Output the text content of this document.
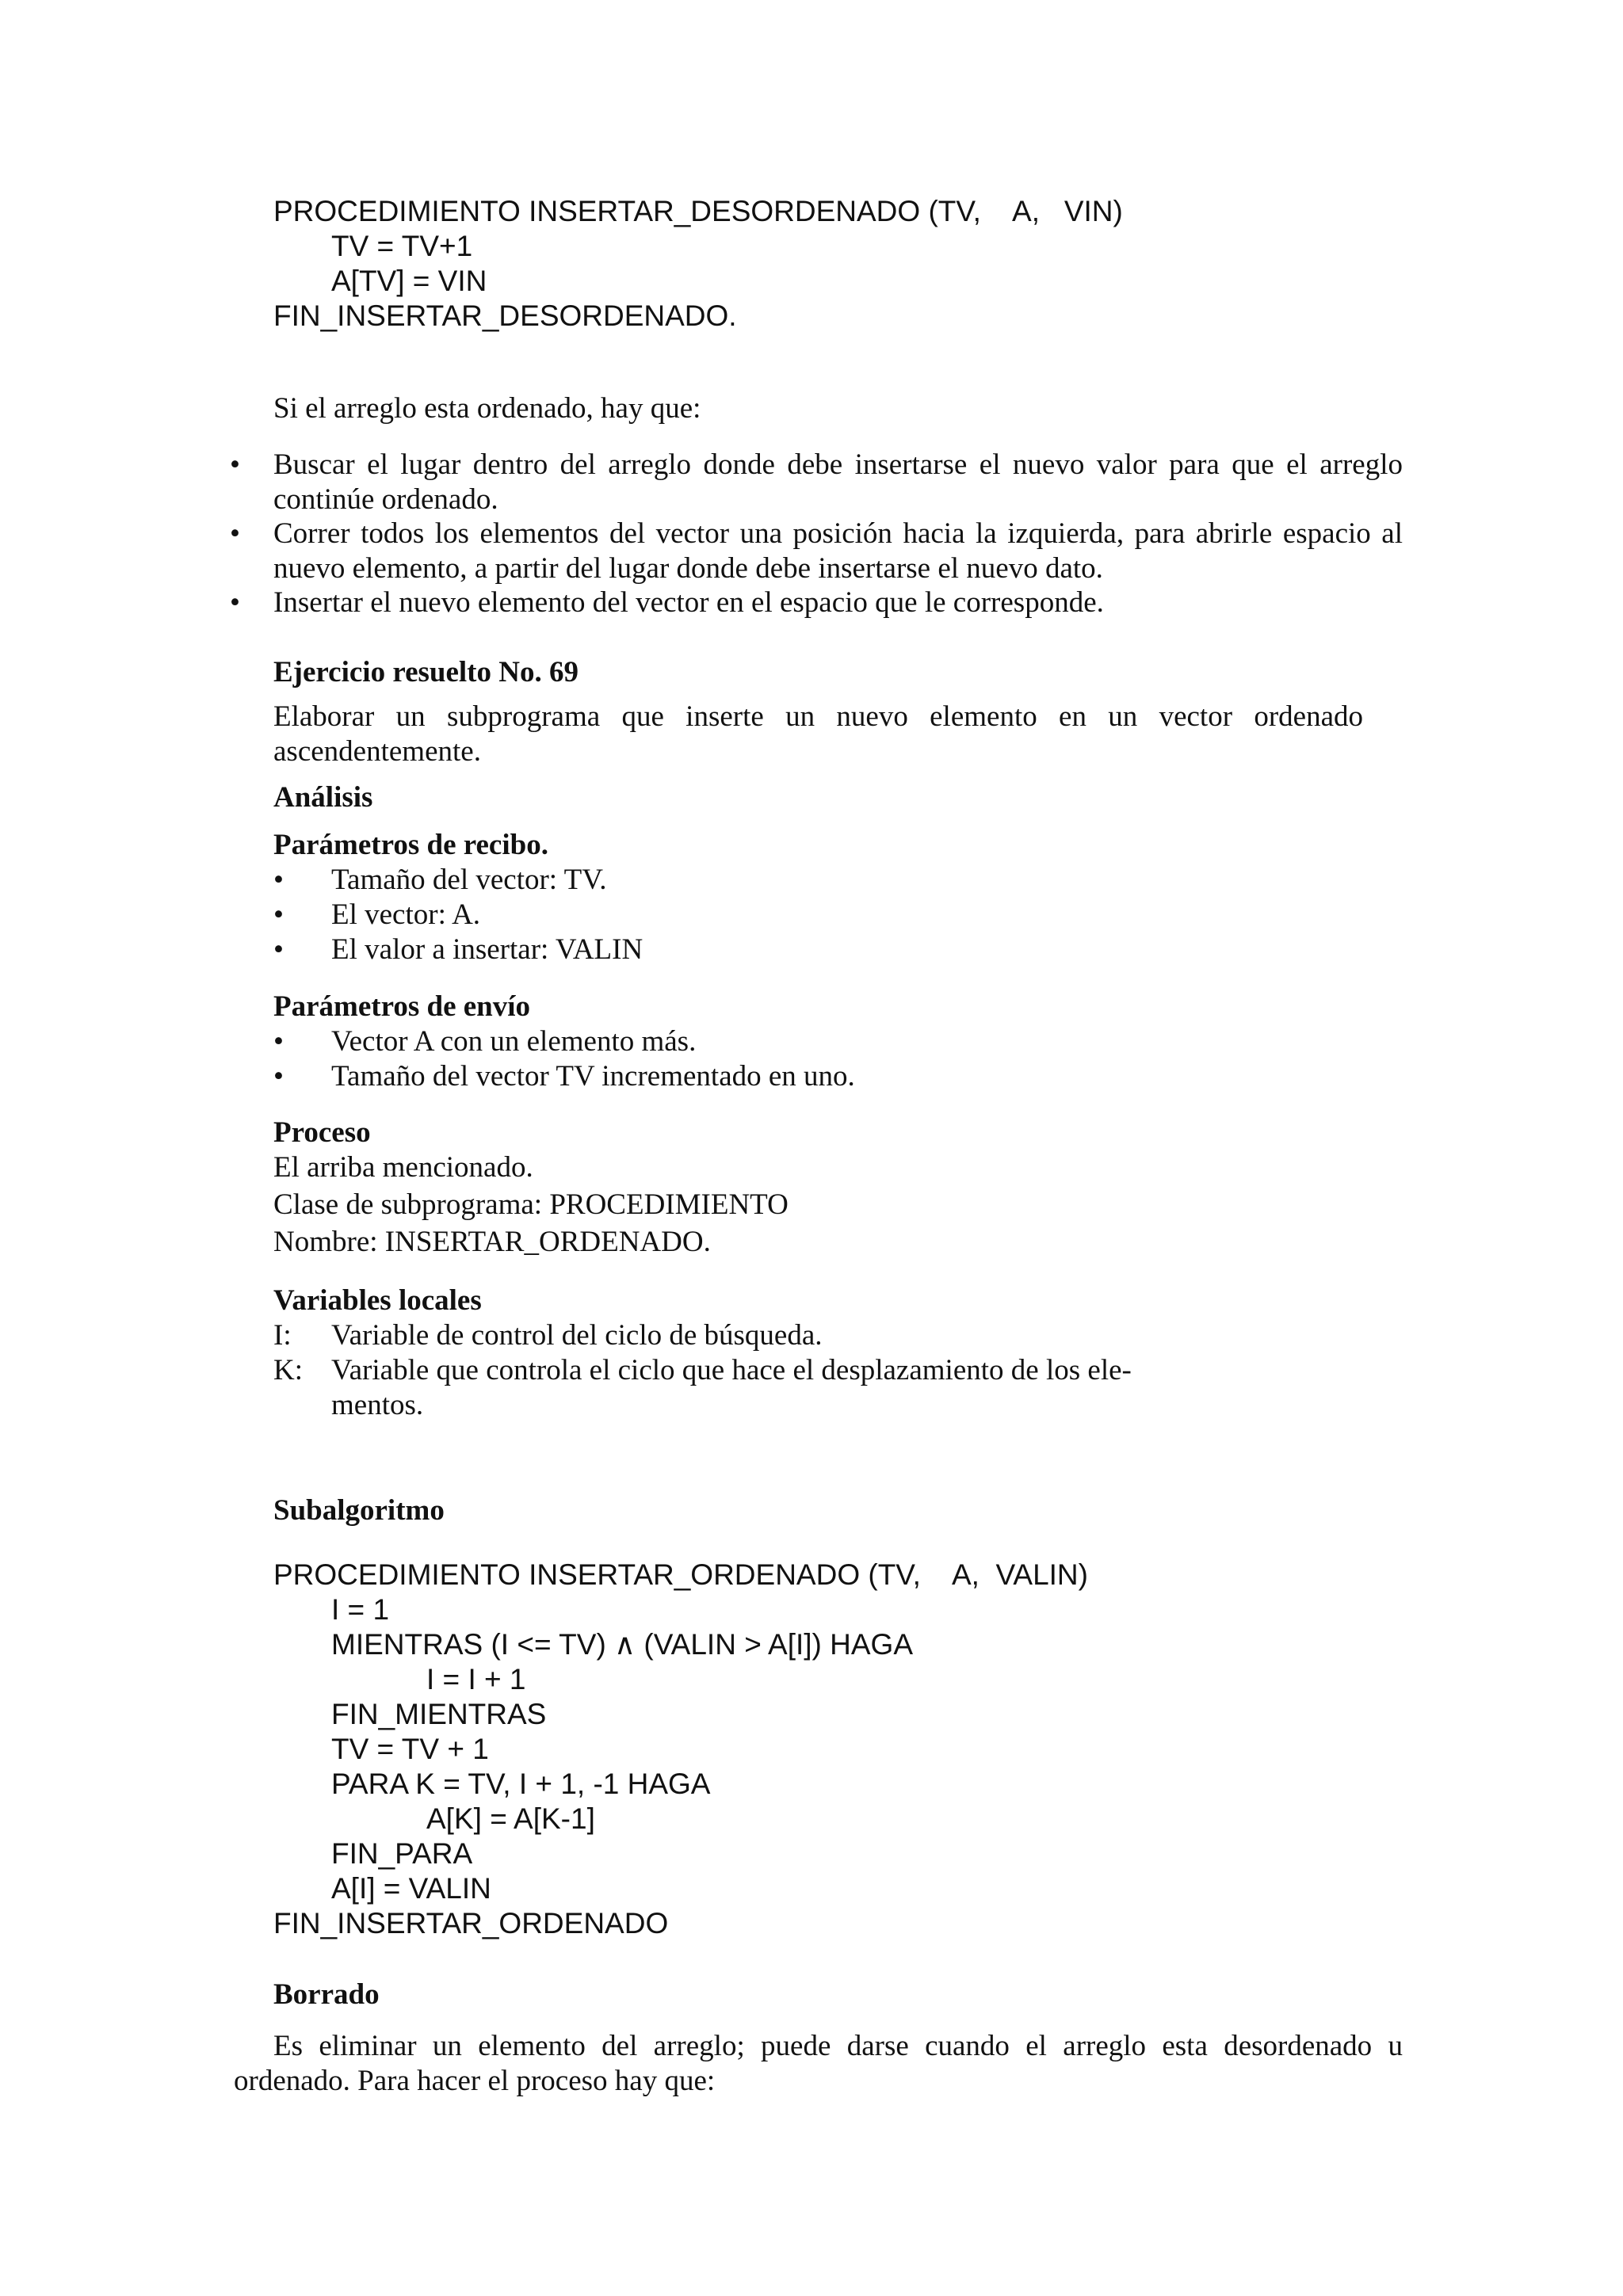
PROCEDIMIENTO INSERTAR_DESORDENADO (TV,    A,   VIN)
TV = TV+1
A[TV] = VIN
FIN_INSERTAR_DESORDENADO.
Si el arreglo esta ordenado, hay que:
• Buscar el lugar dentro del arreglo donde debe insertarse el nuevo valor para que el arreglo
continúe ordenado.
• Correr todos los elementos del vector una posición hacia la izquierda, para abrirle espacio al
nuevo elemento, a partir del lugar donde debe insertarse el nuevo dato.
• Insertar el nuevo elemento del vector en el espacio que le corresponde.
Ejercicio resuelto No. 69
Elaborar un subprograma que inserte un nuevo elemento en un vector ordenado
ascendentemente.
Análisis
Parámetros de recibo.
• Tamaño del vector: TV.
• El vector: A.
• El valor a insertar: VALIN
Parámetros de envío
• Vector A con un elemento más.
• Tamaño del vector TV incrementado en uno.
Proceso
El arriba mencionado.
Clase de subprograma: PROCEDIMIENTO
Nombre: INSERTAR_ORDENADO.
Variables locales
I: Variable de control del ciclo de búsqueda.
K: Variable que controla el ciclo que hace el desplazamiento de los ele-
mentos.
Subalgoritmo
PROCEDIMIENTO INSERTAR_ORDENADO (TV,    A,  VALIN)
I = 1
MIENTRAS (I <= TV) ∧ (VALIN > A[I]) HAGA
I = I + 1
FIN_MIENTRAS
TV = TV + 1
PARA K = TV, I + 1, -1 HAGA
A[K] = A[K-1]
FIN_PARA
A[I] = VALIN
FIN_INSERTAR_ORDENADO
Borrado
Es eliminar un elemento del arreglo; puede darse cuando el arreglo esta desordenado u
ordenado. Para hacer el proceso hay que:
